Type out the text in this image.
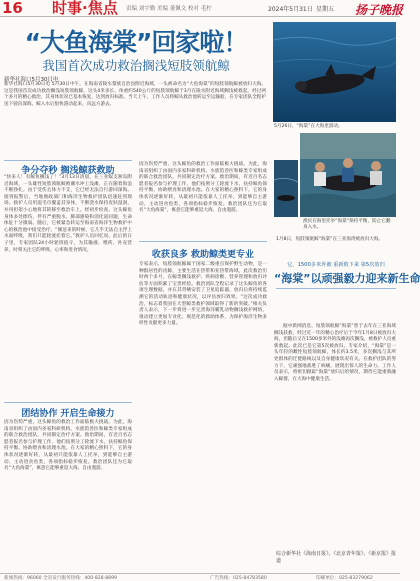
16 时事·焦点 责编 刘宇勤 美编 董佩文 校对 毛柠	2024年5月31日 星期五 扬子晚报
“大鱼海棠”回家啦！
我国首次成功救治搁浅短肢领航鲸
新华社海口5月30日电
新华社海口5月30日电 5月30日中午，在海南省陵水黎族自治县附近海域，一头被命名为“大鱼海棠”的短肢领航鲸被放归大海。这是我国首次成功救治搁浅短肢领航鲸。这头4米多长、体重约540公斤的短肢领航鲸于3月在陵水附近海域搁浅被救起，经过两个多月的精心救治，其身体状况已基本恢复，达到放归标准。当天上午，工作人员将鲸从救治池转运至运输船，在专家团队全程护送下驶向深海。鲸入水后很快游动起来，向远方游去。
争分夺秒 搁浅鲸获救助
“快来人！有鲸鱼搁浅了！”3月13日清晨，在三亚蜈支洲岛附近海域，一头雄性短肢领航鲸被潮水冲上浅滩，正在随着海浪不断挣扎。由于受伤且体力不支，它已经无法自行游回深海。接到报警后，当地渔政部门和海洋生物救护团队迅速赶到现场。救护人员用湿毛巾覆盖其身体，不断浇水保持皮肤湿润，并用担架小心地将其转移至救治车上。经初步检查，这头鲸鱼身体多处擦伤，伴有严重脱水、肺部感染和消化道问题，生命体征十分微弱。随后，它被紧急转运至海南省海洋生物救护中心的救治池中接受治疗。“刚送来的时候，它几乎无法自主浮上水面呼吸，我们只能轮流托着它。”救护人员回忆说。此后的日子里，专家团队24小时轮班值守，为其输液、喂药、补充营养，时刻关注它的呼吸、心率和进食情况。
团结协作 开启生命接力
因为伤势严重，这头鲸鱼的救治工作面临极大挑战。为此，海南省组织了由国内多家科研机构、水族馆兽医和鲸类专家组成的联合救治团队，共同制定治疗方案。救治期间，有近百名志愿者报名参与护理工作，他们按照分工轮流下水，扶持鲸鱼保持平衡、协助喂食和清理水池。在大家的精心照料下，它的身体状况逐渐好转，从最初只能依靠人工托举，到能够自主游动、主动进食鱼类，各项指标稳步恢复。救治团队还为它取名“大鱼海棠”，寓意它能够重返大海、自由遨游。
因为伤势严重，这头鲸鱼的救治工作面临极大挑战。为此，海南省组织了由国内多家科研机构、水族馆兽医和鲸类专家组成的联合救治团队，共同制定治疗方案。救治期间，有近百名志愿者报名参与护理工作，他们按照分工轮流下水，扶持鲸鱼保持平衡、协助喂食和清理水池。在大家的精心照料下，它的身体状况逐渐好转，从最初只能依靠人工托举，到能够自主游动、主动进食鱼类，各项指标稳步恢复。救治团队还为它取名“大鱼海棠”，寓意它能够重返大海、自由遨游。
收获良多 救助鲸类更专业
专家表示，短肢领航鲸属于国家二级重点保护野生动物，是一种群居性的齿鲸，主要生活在热带和亚热带海域。此次救治历时两个多月，在鲸类搁浅救护、疾病诊断、营养管理和放归评估等方面积累了宝贵经验。救治团队全程记录了这头鲸鱼的各项生理数据，并在其背鳍安装了卫星追踪器，放归后将持续监测它的活动轨迹和健康状况，以评估放归效果。“这次成功救治，标志着我国在大型鲸类救护领域取得了新的突破。”相关负责人表示，下一步将进一步完善海洋哺乳动物搁浅救护网络，推动建立更加专业化、规范化的救助体系，为保护海洋生物多样性贡献更多力量。
5月26日，“海棠”在大海里游动。
渔民在海里托举“海棠”保持平衡，防止它翻身入水。
1月8日，短肢领航鲸“海棠”在三亚海湾被放归大海。
它，1500多米外被 重新救下来 第5次放归
“海棠”以顽强毅力迎来新生命
据中新网消息，短肢领航鲸“海棠”曾于去年在三亚海域搁浅获救，经过近一年的精心治疗后于今年1月8日被放归大海，但随后又在1500多米外的浅滩再次搁浅，被救护人员重新救起。此次已是它第5次被放归。专家介绍，“海棠”是一头年轻的雌性短肢领航鲸，体长约3.5米，多次搁浅与其所处群体的迁徙路线以及自身健康状况有关。在救护团队的努力下，它顽强地战胜了病痛，展现出惊人的生命力。工作人员表示，将密切跟踪“海棠”放归后的情况，期待它能重新融入鲸群，在大海中健康生活。
综合新华社《海南日报》、《北京青年报》、《新京报》报道
新闻热线：96060 全省发行服务热线：400-828-8899	广告热线：025-84783580	印刷单位：025-83279062
